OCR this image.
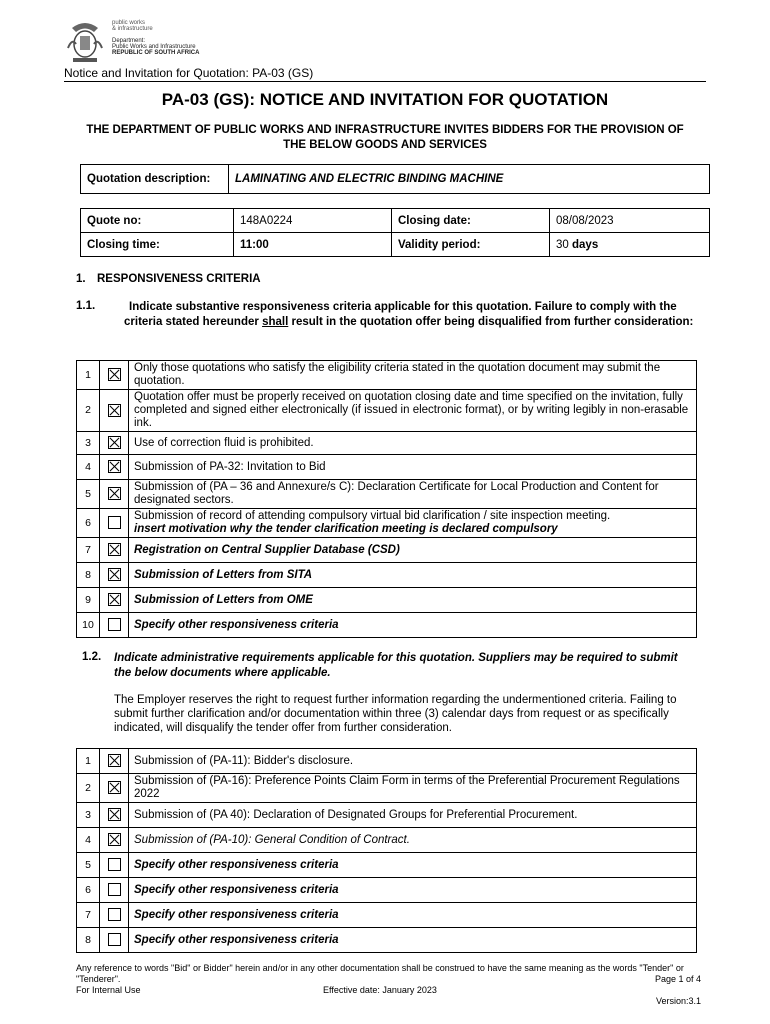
public works
& infrastructure
Department:
Public Works and Infrastructure
REPUBLIC OF SOUTH AFRICA
Notice and Invitation for Quotation: PA-03 (GS)
PA-03 (GS): NOTICE AND INVITATION FOR QUOTATION
THE DEPARTMENT OF PUBLIC WORKS AND INFRASTRUCTURE INVITES BIDDERS FOR THE PROVISION OF THE BELOW GOODS AND SERVICES
Quotation description:	LAMINATING AND ELECTRIC BINDING MACHINE
Quote no:	148A0224	Closing date:	08/08/2023
Closing time:	11:00	Validity period:	30 days
1. RESPONSIVENESS CRITERIA
1.1.	Indicate substantive responsiveness criteria applicable for this quotation. Failure to comply with the criteria stated hereunder shall result in the quotation offer being disqualified from further consideration:
1		Only those quotations who satisfy the eligibility criteria stated in the quotation document may submit the quotation.
2		Quotation offer must be properly received on quotation closing date and time specified on the invitation, fully completed and signed either electronically (if issued in electronic format), or by writing legibly in non-erasable ink.
3		Use of correction fluid is prohibited.
4		Submission of PA-32: Invitation to Bid
5		Submission of (PA – 36 and Annexure/s C): Declaration Certificate for Local Production and Content for designated sectors.
6		Submission of record of attending compulsory virtual bid clarification / site inspection meeting.
insert motivation why the tender clarification meeting is declared compulsory
7		Registration on Central Supplier Database (CSD)
8		Submission of Letters from SITA
9		Submission of Letters from OME
10		Specify other responsiveness criteria
1.2. Indicate administrative requirements applicable for this quotation. Suppliers may be required to submit the below documents where applicable.
The Employer reserves the right to request further information regarding the undermentioned criteria. Failing to submit further clarification and/or documentation within three (3) calendar days from request or as specifically indicated, will disqualify the tender offer from further consideration.
1		Submission of (PA-11): Bidder's disclosure.
2		Submission of (PA-16): Preference Points Claim Form in terms of the Preferential Procurement Regulations 2022
3		Submission of (PA 40): Declaration of Designated Groups for Preferential Procurement.
4		Submission of (PA-10): General Condition of Contract.
5		Specify other responsiveness criteria
6		Specify other responsiveness criteria
7		Specify other responsiveness criteria
8		Specify other responsiveness criteria
Any reference to words "Bid" or Bidder" herein and/or in any other documentation shall be construed to have the same meaning as the words "Tender" or "Tenderer".	Page 1 of 4
For Internal Use	Effective date: January 2023
Version:3.1
